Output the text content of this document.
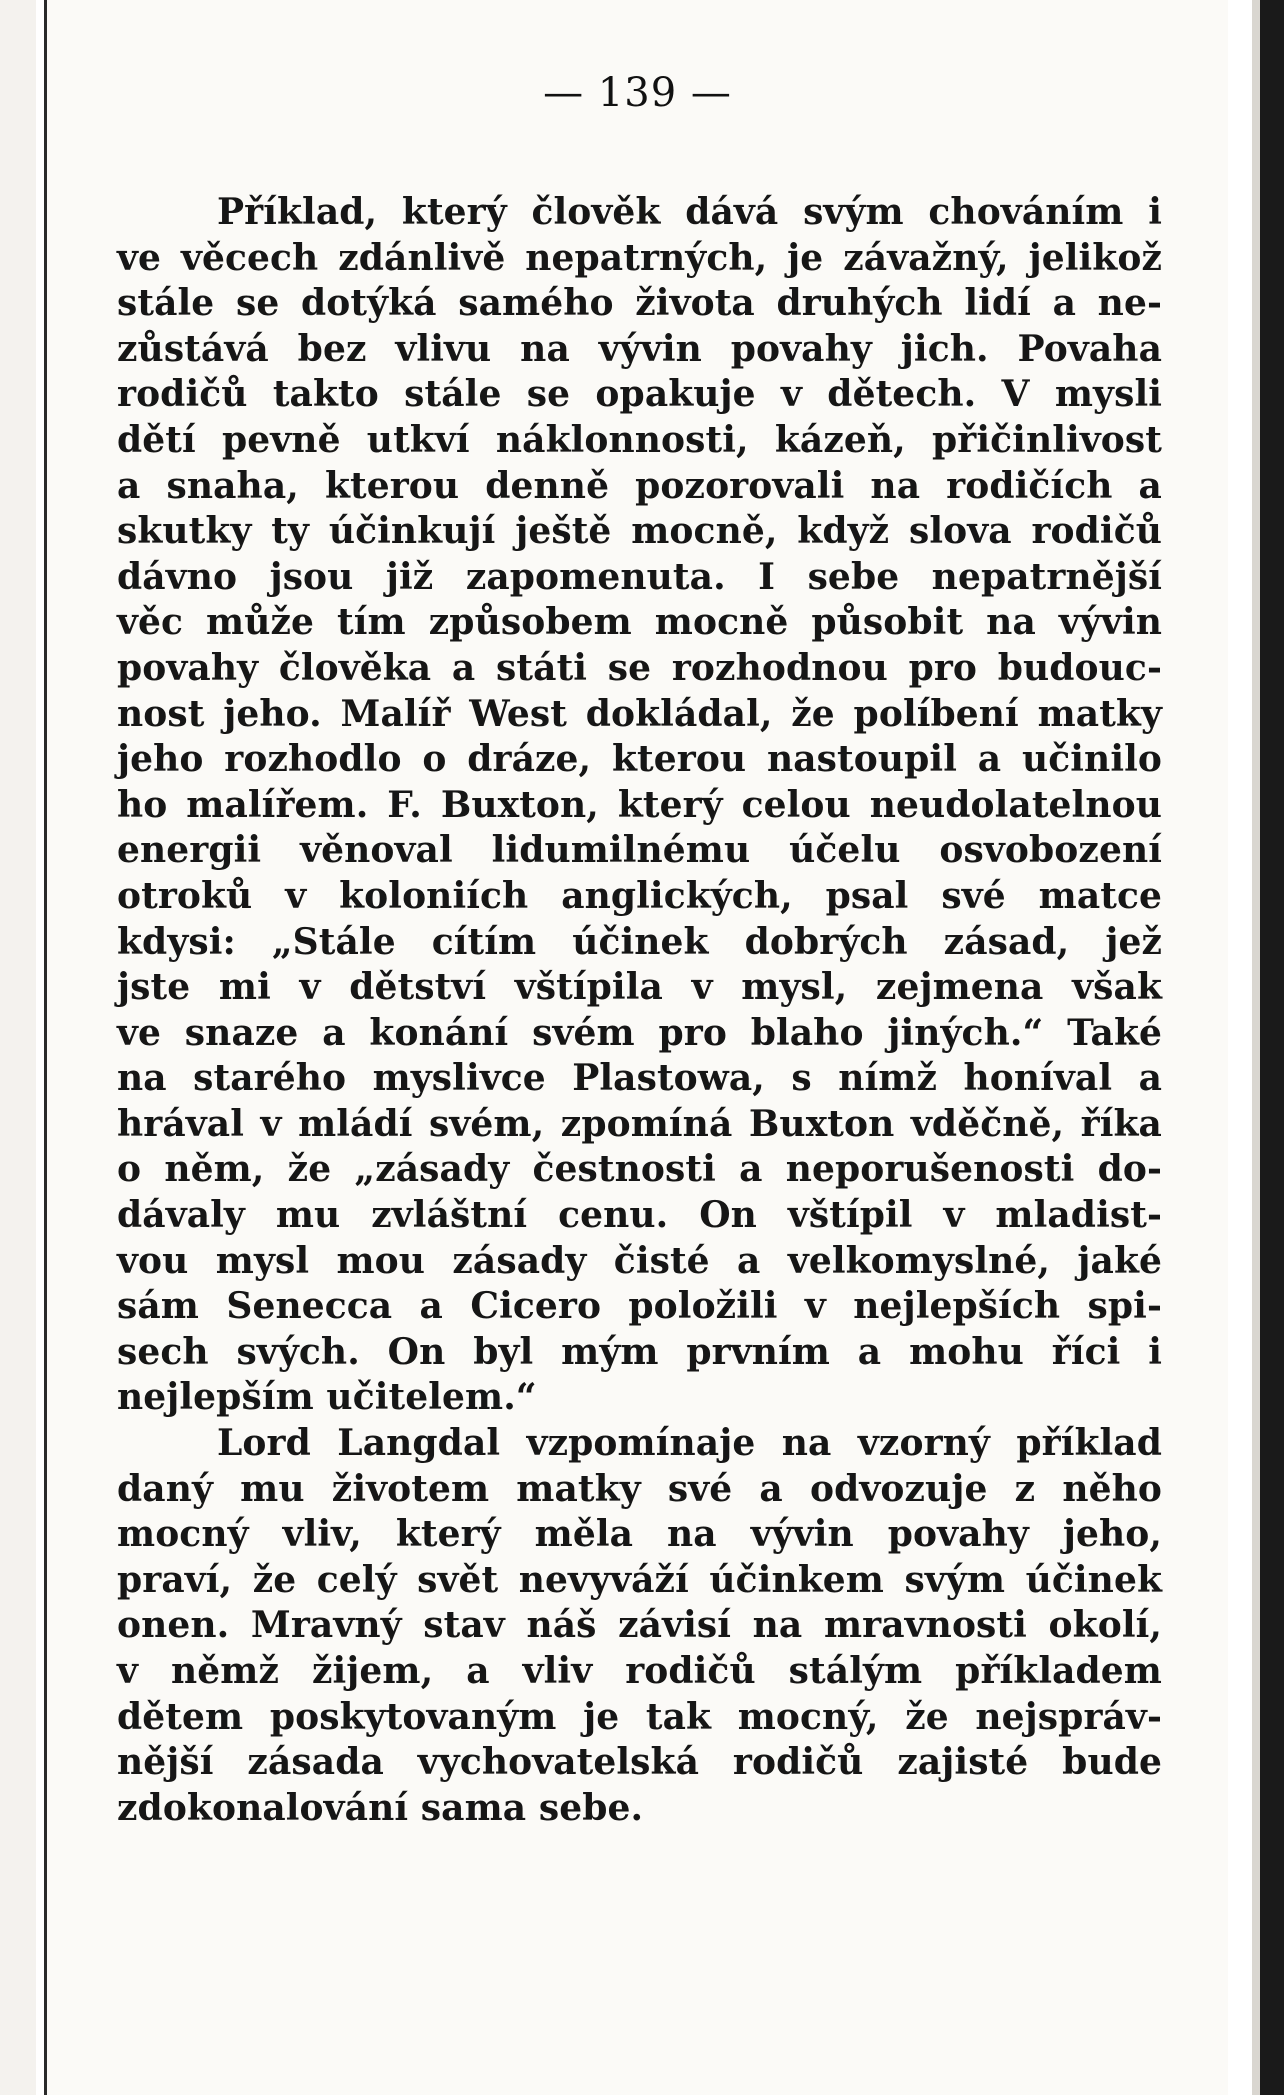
— 139 —
Příklad, který člověk dává svým chováním i
ve věcech zdánlivě nepatrných, je závažný, jelikož
stále se dotýká samého života druhých lidí a ne-
zůstává bez vlivu na vývin povahy jich. Povaha
rodičů takto stále se opakuje v dětech. V mysli
dětí pevně utkví náklonnosti, kázeň, přičinlivost
a snaha, kterou denně pozorovali na rodičích a
skutky ty účinkují ještě mocně, když slova rodičů
dávno jsou již zapomenuta. I sebe nepatrnější
věc může tím způsobem mocně působit na vývin
povahy člověka a státi se rozhodnou pro budouc-
nost jeho. Malíř West dokládal, že políbení matky
jeho rozhodlo o dráze, kterou nastoupil a učinilo
ho malířem. F. Buxton, který celou neudolatelnou
energii věnoval lidumilnému účelu osvobození
otroků v koloniích anglických, psal své matce
kdysi: „Stále cítím účinek dobrých zásad, jež
jste mi v dětství vštípila v mysl, zejmena však
ve snaze a konání svém pro blaho jiných.“ Také
na starého myslivce Plastowa, s nímž honíval a
hrával v mládí svém, zpomíná Buxton vděčně, říka
o něm, že „zásady čestnosti a neporušenosti do-
dávaly mu zvláštní cenu. On vštípil v mladist-
vou mysl mou zásady čisté a velkomyslné, jaké
sám Senecca a Cicero položili v nejlepších spi-
sech svých. On byl mým prvním a mohu říci i
nejlepším učitelem.“
Lord Langdal vzpomínaje na vzorný příklad
daný mu životem matky své a odvozuje z něho
mocný vliv, který měla na vývin povahy jeho,
praví, že celý svět nevyváží účinkem svým účinek
onen. Mravný stav náš závisí na mravnosti okolí,
v němž žijem, a vliv rodičů stálým příkladem
dětem poskytovaným je tak mocný, že nejspráv-
nější zásada vychovatelská rodičů zajisté bude
zdokonalování sama sebe.
